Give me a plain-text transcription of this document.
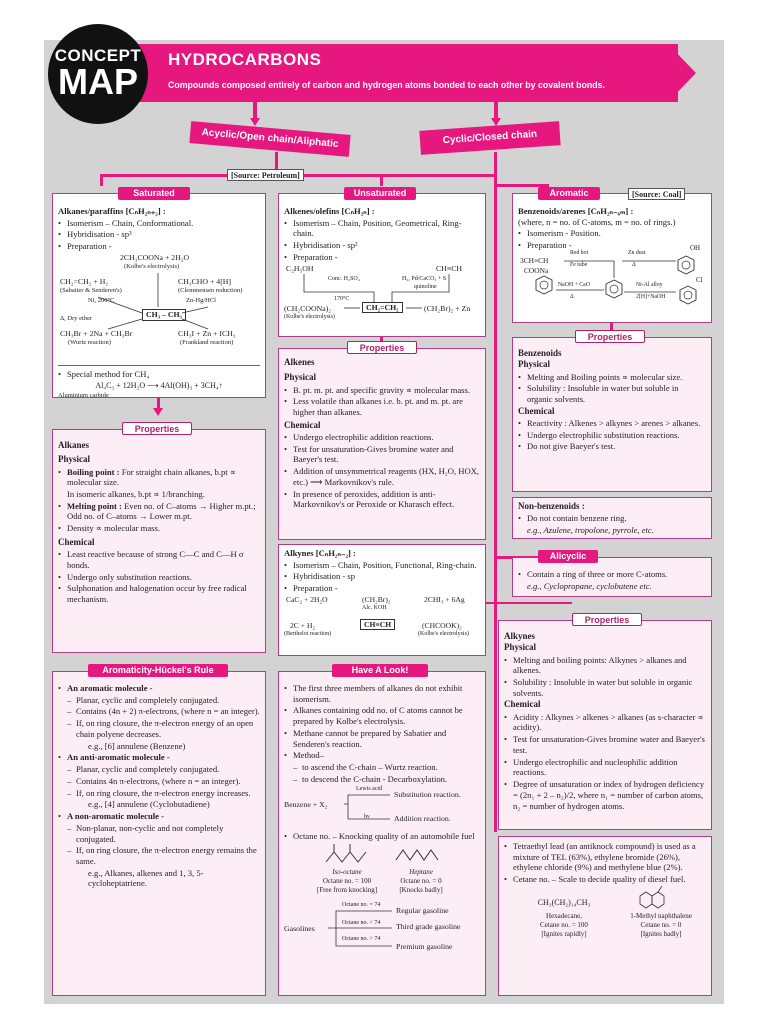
CONCEPT
MAP
HYDROCARBONS
Compounds composed entirely of carbon and hydrogen atoms bonded to each other by covalent bonds.
Acyclic/Open chain/Aliphatic	Cyclic/Closed chain
[Source: Petroleum]
Saturated
Alkanes/paraffins [CₙH₂ₙ₊₂] :
• Isomerism – Chain, Conformational.
• Hybridisation - sp³
• Preparation -
2CH₃COONa + 2H₂O
(Kolbe's electrolysis)
CH₂=CH₂ + H₂
(Sabatier & Senderen's)
Ni, 200°C
CH₃CHO + 4[H]
(Clemmensen reduction)
Zn-Hg/HCl
Δ, Dry ether	CH₃ – CH₃
CH₃Br + 2Na + CH₃Br
(Wurtz reaction)
CH₃I + Zn + ICH₃
(Frankland reaction)
• Special method for CH₄
Al₄C₃ + 12H₂O ⟶ 4Al(OH)₃ + 3CH₄↑
Aluminium carbide
Properties
Alkanes
Physical
• Boiling point : For straight chain alkanes, b.pt ∝ molecular size.
In isomeric alkanes, b.pt ∝ 1/branching.
• Melting point : Even no. of C–atoms → Higher m.pt.; Odd no. of C–atoms → Lower m.pt.
• Density ∝ molecular mass.
Chemical
• Least reactive because of strong C—C and C—H σ bonds.
• Undergo only substitution reactions.
• Sulphonation and halogenation occur by free radical mechanism.
Aromaticity-Hückel's Rule
• An aromatic molecule -
– Planar, cyclic and completely conjugated.
– Contains (4n + 2) π-electrons, (where n = an integer).
– If, on ring closure, the π-electron energy of an open chain polyene decreases.
e.g., [6] annulene (Benzene)
• An anti-aromatic molecule -
– Planar, cyclic and completely conjugated.
– Contains 4n π-electrons, (where n = an integer).
– If, on ring closure, the π-electron energy increases.
e.g., [4] annulene (Cyclobutadiene)
• A non-aromatic molecule -
– Non-planar, non-cyclic and not completely conjugated.
– If, on ring closure, the π-electron energy remains the same.
e.g., Alkanes, alkenes and 1, 3, 5-cycloheptatriene.
Unsaturated
Alkenes/olefins [CₙH₂ₙ] :
• Isomerism – Chain, Position, Geometrical, Ring-chain.
• Hybridisation - sp²
• Preparation -
C₂H₅OH
Conc. H₂SO₄
170°C
CH≡CH
H₂, Pd/CaCO₃ + S
quinoline
(CH₂COONa)₂
(Kolbe's electrolysis)
CH₂=CH₂	(CH₂Br)₂ + Zn
Properties
Alkenes
Physical
• B. pt. m. pt. and specific gravity ∝ molecular mass.
• Less volatile than alkanes i.e. b. pt. and m. pt. are higher than alkanes.
Chemical
• Undergo electrophilic addition reactions.
• Test for unsaturation-Gives bromine water and Baeyer's test.
• Addition of unsymmetrical reagents (HX, H₂O, HOX, etc.) ⟶ Markovnikov's rule.
• In presence of peroxides, addition is anti-Markovnikov's or Peroxide or Kharasch effect.
Alkynes [CₙH₂ₙ₋₂] :
• Isomerism – Chain, Position, Functional, Ring-chain.
• Hybridisation - sp
• Preparation -
CaC₂ + 2H₂O	(CH₂Br)₂
Alc. KOH
2CHI₃ + 6Ag
2C + H₂
(Berthelot reaction)
CH≡CH	(CHCOOK)₂
(Kolbe's electrolysis)
Have A Look!
• The first three members of alkanes do not exhibit isomerism.
• Alkanes containing odd no. of C atoms cannot be prepared by Kolbe's electrolysis.
• Methane cannot be prepared by Sabatier and Senderen's reaction.
• Method–
– to ascend the C-chain – Wurtz reaction.
– to descend the C-chain - Decarboxylation.
Benzene + X₂
Lewis acid
Substitution reaction.
hν	Addition reaction.
• Octane no. – Knocking quality of an automobile fuel
Iso-octane
Octane no. = 100
[Free from knocking]
Heptane
Octane no. = 0
[Knocks badly]
Gasolines
Octane no. = 74
Regular gasoline
Octane no. < 74 Third grade gasoline
Octane no. > 74
Premium gasoline
Aromatic	[Source: Coal]
Benzenoids/arenes [CₙH₂ₙ₋₆ₘ] :
(where, n = no. of C-atoms, m = no. of rings.)
• Isomerism - Position.
• Preparation -
3CH≡CH
Red hot
Fe tube
Zn dust
Δ
OH
COONa
NaOH + CaO
Δ
Ni-Al alloy
2[H]+NaOH
Cl
Properties
Benzenoids
Physical
• Melting and Boiling points ∝ molecular size.
• Solubility : Insoluble in water but soluble in organic solvents.
Chemical
• Reactivity : Alkenes > alkynes > arenes > alkanes.
• Undergo electrophilic substitution reactions.
• Do not give Baeyer's test.
Non-benzenoids :
• Do not contain benzene ring.
e.g., Azulene, tropolone, pyrrole, etc.
Alicyclic
• Contain a ring of three or more C-atoms.
e.g., Cyclopropane, cyclobutene etc.
Properties
Alkynes
Physical
• Melting and boiling points: Alkynes > alkanes and alkenes.
• Solubility : Insoluble in water but soluble in organic solvents.
Chemical
• Acidity : Alkynes > alkenes > alkanes (as s-character ∝ acidity).
• Test for unsaturation-Gives bromine water and Baeyer's test.
• Undergo electrophilic and nucleophilic addition reactions.
• Degree of unsaturation or index of hydrogen deficiency = (2n₁ + 2 – n₂)/2, where n₁ = number of carbon atoms, n₂ = number of hydrogen atoms.
• Tetraethyl lead (an antiknock compound) is used as a mixture of TEL (63%), ethylene bromide (26%), ethylene chloride (9%) and methylene blue (2%).
• Cetane no. – Scale to decide quality of diesel fuel.
CH₃(CH₂)₁₄CH₃
Hexadecane,
Cetane no. = 100
[Ignites rapidly]
1-Methyl naphthalene
Cetane no. = 0
[Ignites badly]
